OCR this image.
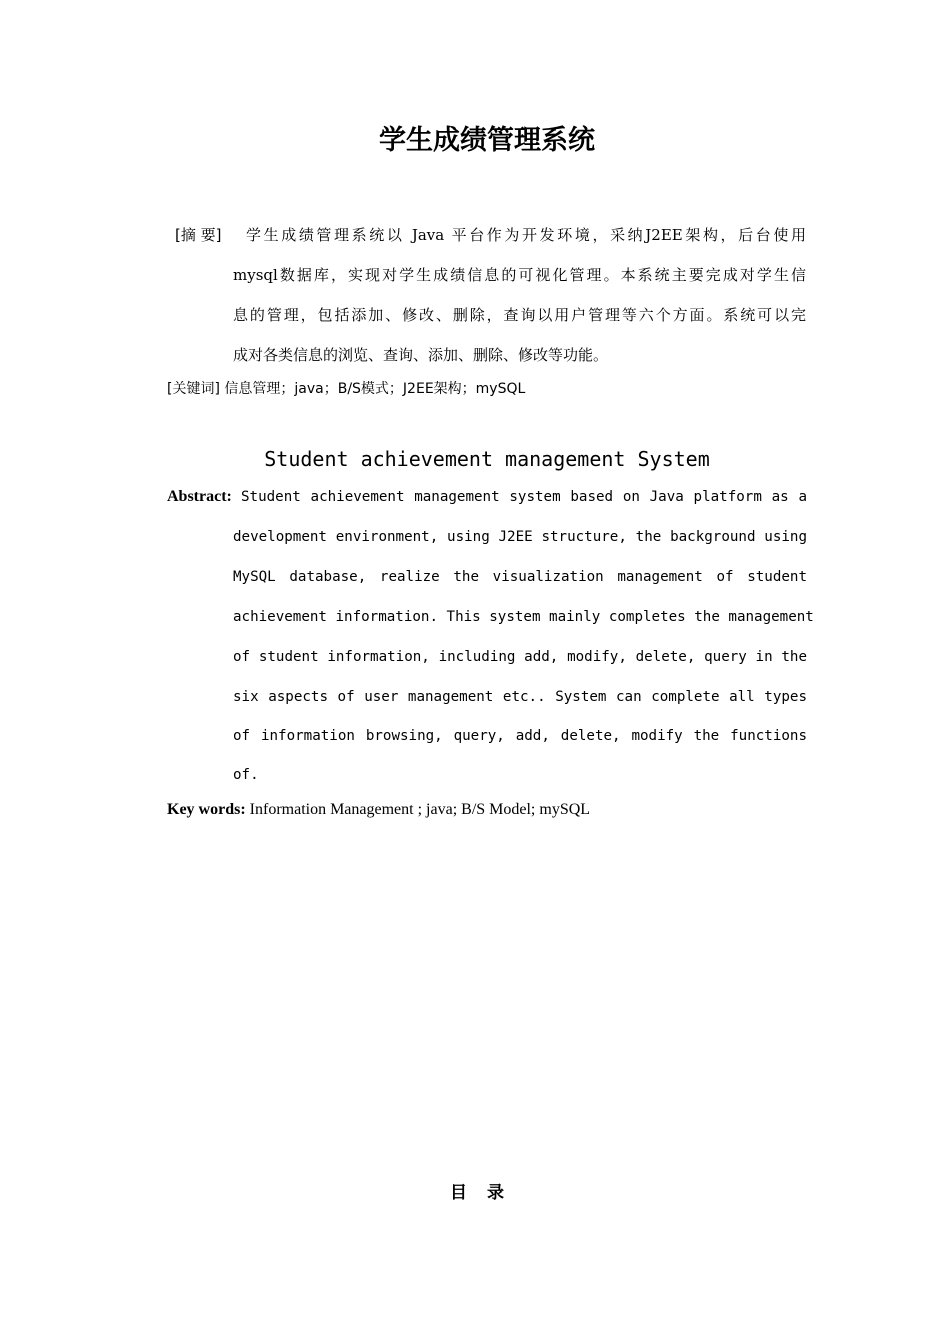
学生成绩管理系统
[摘 要] 学生成绩管理系统以 Java 平台作为开发环境，采纳J2EE架构，后台使用
mysql数据库，实现对学生成绩信息的可视化管理。本系统主要完成对学生信
息的管理，包括添加、修改、删除，查询以用户管理等六个方面。系统可以完
成对各类信息的浏览、查询、添加、删除、修改等功能。
[关键词] 信息管理；java；B/S模式；J2EE架构；mySQL
Student achievement management System
Abstract: Student achievement management system based on Java platform as a
development environment, using J2EE structure, the background using
MySQL database, realize the visualization management of student
achievement information. This system mainly completes the management
of student information, including add, modify, delete, query in the
six aspects of user management etc.. System can complete all types
of information browsing, query, add, delete, modify the functions
of.
Key words: Information Management ; java; B/S Model; mySQL
目录
